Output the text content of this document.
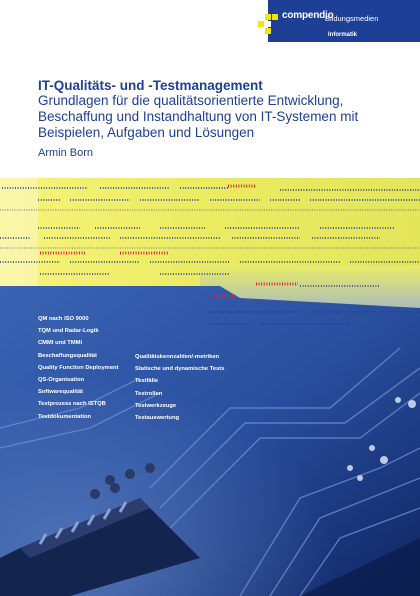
compendio
Bildungsmedien
Informatik
IT-Qualitäts- und -Testmanagement
Grundlagen für die qualitätsorientierte Entwicklung, Beschaffung und Instandhaltung von IT-Systemen mit Beispielen, Aufgaben und Lösungen
Armin Born
QM nach ISO 9000
TQM und Radar-Logik
CMMI und TMMi
Beschaffungsqualität
Quality Function Deployment
QS-Organisation
Softwarequalität
Testprozess nach ISTQB
Testdokumentation
Qualitätskennzahlen/-metriken
Statische und dynamische Tests
Testfälle
Testrollen
Testwerkzeuge
Testauswertung
